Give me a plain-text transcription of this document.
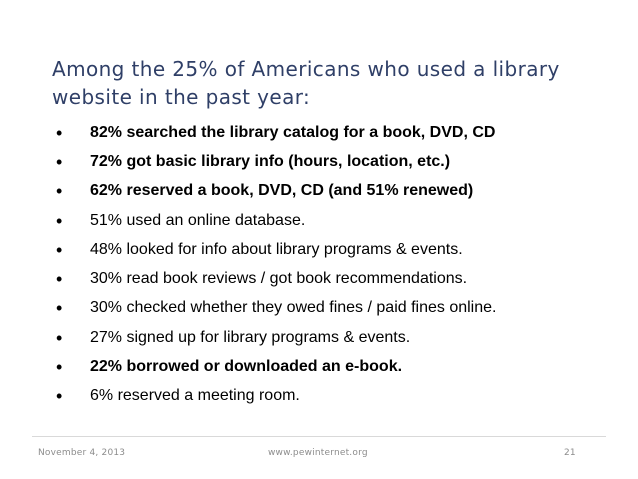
Among the 25% of Americans who used a library website in the past year:
•	82% searched the library catalog for a book, DVD, CD
•	72% got basic library info (hours, location, etc.)
•	62% reserved a book, DVD, CD (and 51% renewed)
•	51% used an online database.
•	48% looked for info about library programs & events.
•	30% read book reviews / got book recommendations.
•	30% checked whether they owed fines / paid fines online.
•	27% signed up for library programs & events.
•	22% borrowed or downloaded an e-book.
•	6% reserved a meeting room.
November 4, 2013	www.pewinternet.org	21
